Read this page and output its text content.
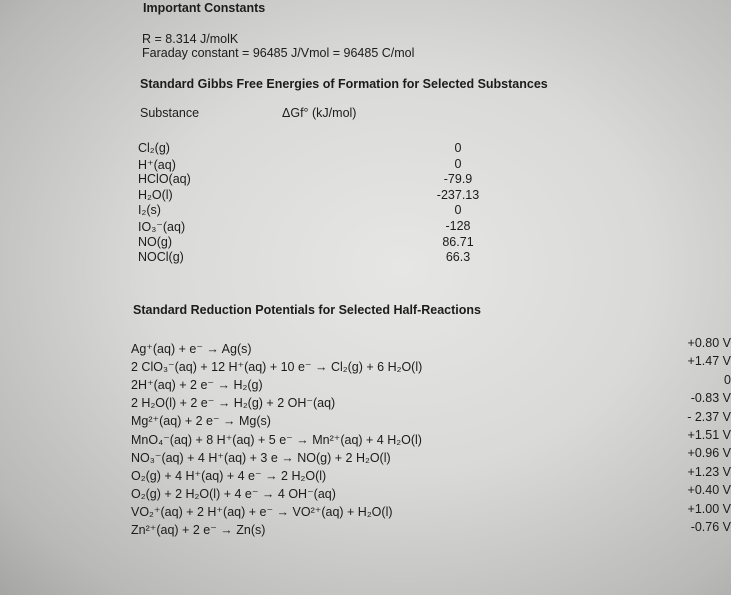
Important Constants
R = 8.314 J/molK
Faraday constant = 96485 J/Vmol = 96485 C/mol
Standard Gibbs Free Energies of Formation for Selected Substances
Substance	ΔGf° (kJ/mol)
Cl₂(g)	0
H⁺(aq)	0
HClO(aq)	-79.9
H₂O(l)	-237.13
I₂(s)	0
IO₃⁻(aq)	-128
NO(g)	86.71
NOCl(g)	66.3
Standard Reduction Potentials for Selected Half-Reactions
Ag⁺(aq) + e⁻ → Ag(s)	+0.80 V
2 ClO₃⁻(aq) + 12 H⁺(aq) + 10 e⁻ → Cl₂(g) + 6 H₂O(l)	+1.47 V
2H⁺(aq) + 2 e⁻ → H₂(g)	0
2 H₂O(l) + 2 e⁻ → H₂(g) + 2 OH⁻(aq)	-0.83 V
Mg²⁺(aq) + 2 e⁻ → Mg(s)	- 2.37 V
MnO₄⁻(aq) + 8 H⁺(aq) + 5 e⁻ → Mn²⁺(aq) + 4 H₂O(l)	+1.51 V
NO₃⁻(aq) + 4 H⁺(aq) + 3 e → NO(g) + 2 H₂O(l)	+0.96 V
O₂(g) + 4 H⁺(aq) + 4 e⁻ → 2 H₂O(l)	+1.23 V
O₂(g) + 2 H₂O(l) + 4 e⁻ → 4 OH⁻(aq)	+0.40 V
VO₂⁺(aq) + 2 H⁺(aq) + e⁻ → VO²⁺(aq) + H₂O(l)	+1.00 V
Zn²⁺(aq) + 2 e⁻ → Zn(s)	-0.76 V
